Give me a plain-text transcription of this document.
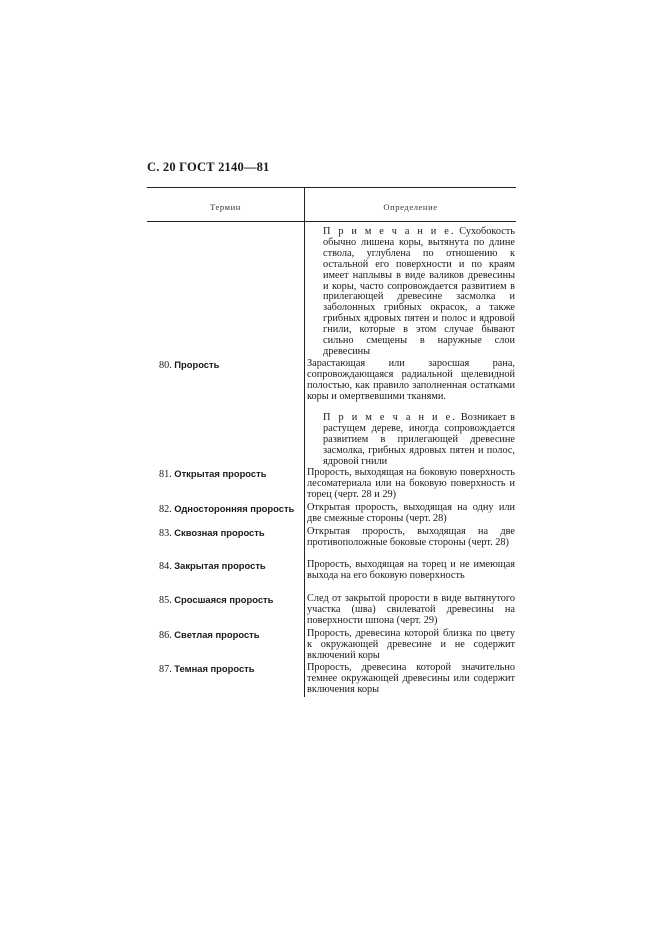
С. 20 ГОСТ 2140—81
Термин	Определение
П р и м е ч а н и е. Сухобокость обычно лишена коры, вытянута по длине ствола, углублена по отношению к остальной его поверхности и по краям имеет наплывы в виде валиков древесины и коры, часто сопровождается развитием в прилегающей древесине засмолка и заболонных грибных окрасок, а также грибных ядровых пятен и полос и ядровой гнили, которые в этом случае бывают сильно смещены в наружные слои древесины
80. Прорость	Зарастающая или заросшая рана, сопровождающаяся радиальной щелевидной полостью, как правило заполненная остатками коры и омертвевшими тканями.
П р и м е ч а н и е. Возникает в растущем дереве, иногда сопровождается развитием в прилегающей древесине засмолка, грибных ядровых пятен и полос, ядровой гнили
81. Открытая прорость	Прорость, выходящая на боковую поверхность лесоматериала или на боковую поверхность и торец (черт. 28 и 29)
82. Односторонняя прорость	Открытая прорость, выходящая на одну или две смежные стороны (черт. 28)
83. Сквозная прорость	Открытая прорость, выходящая на две противоположные боковые стороны (черт. 28)
84. Закрытая прорость	Прорость, выходящая на торец и не имеющая выхода на его боковую поверхность
85. Сросшаяся прорость	След от закрытой прорости в виде вытянутого участка (шва) свилеватой древесины на поверхности шпона (черт. 29)
86. Светлая прорость	Прорость, древесина которой близка по цвету к окружающей древесине и не содержит включений коры
87. Темная прорость	Прорость, древесина которой значительно темнее окружающей древесины или содержит включения коры
